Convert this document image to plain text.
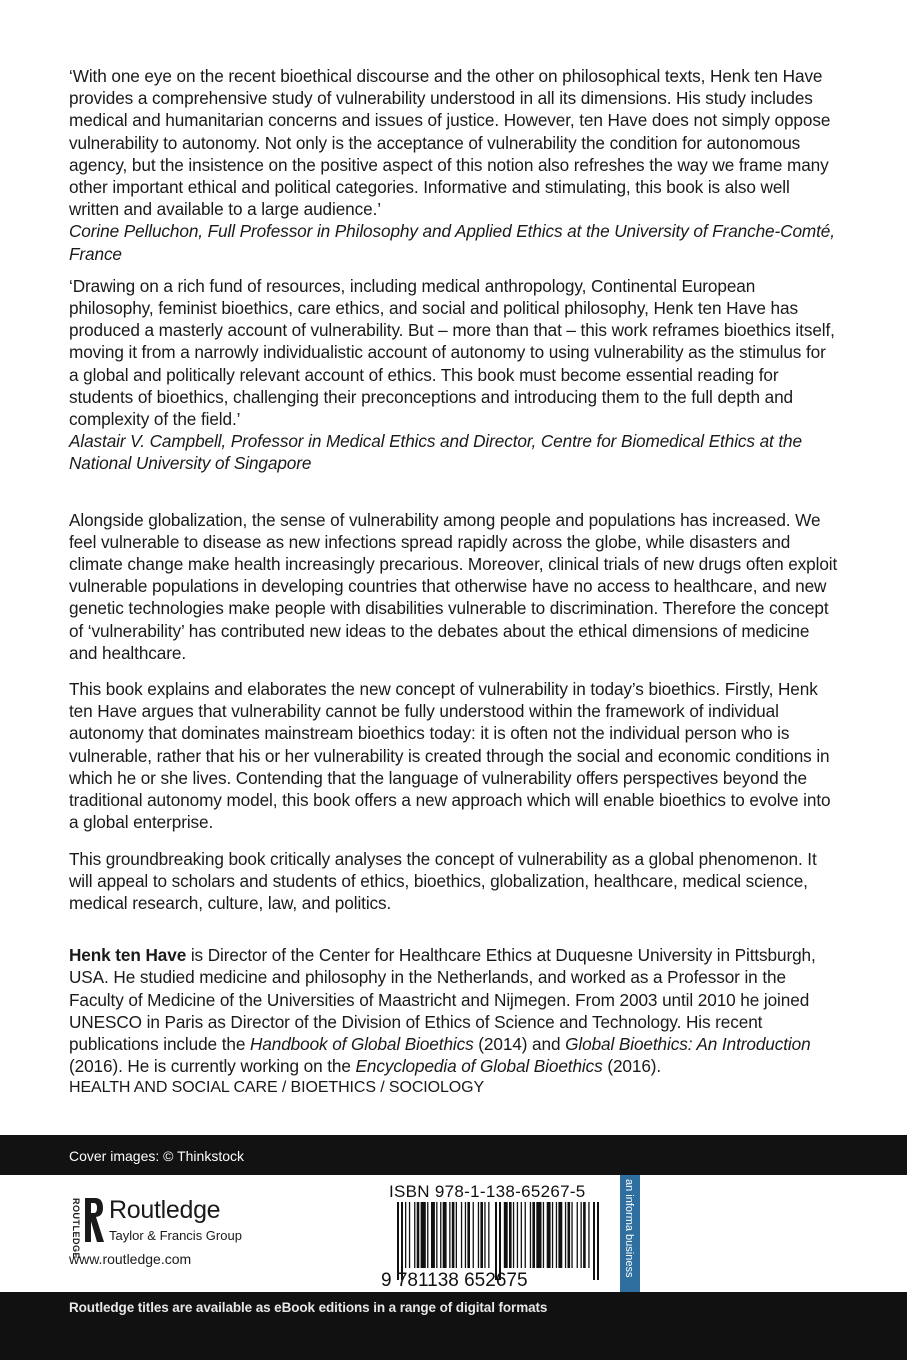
‘With one eye on the recent bioethical discourse and the other on philosophical texts, Henk ten Have provides a comprehensive study of vulnerability understood in all its dimensions. His study includes medical and humanitarian concerns and issues of justice. However, ten Have does not simply oppose vulnerability to autonomy. Not only is the acceptance of vulnerability the condition for autonomous agency, but the insistence on the positive aspect of this notion also refreshes the way we frame many other important ethical and political categories. Informative and stimulating, this book is also well written and available to a large audience.’

Corine Pelluchon, Full Professor in Philosophy and Applied Ethics at the University of Franche-Comté, France

‘Drawing on a rich fund of resources, including medical anthropology, Continental European philosophy, feminist bioethics, care ethics, and social and political philosophy, Henk ten Have has produced a masterly account of vulnerability. But – more than that – this work reframes bioethics itself, moving it from a narrowly individualistic account of autonomy to using vulnerability as the stimulus for a global and politically relevant account of ethics. This book must become essential reading for students of bioethics, challenging their preconceptions and introducing them to the full depth and complexity of the field.’

Alastair V. Campbell, Professor in Medical Ethics and Director, Centre for Biomedical Ethics at the National University of Singapore

Alongside globalization, the sense of vulnerability among people and populations has increased. We feel vulnerable to disease as new infections spread rapidly across the globe, while disasters and climate change make health increasingly precarious. Moreover, clinical trials of new drugs often exploit vulnerable populations in developing countries that otherwise have no access to healthcare, and new genetic technologies make people with disabilities vulnerable to discrimination. Therefore the concept of ‘vulnerability’ has contributed new ideas to the debates about the ethical dimensions of medicine and healthcare.

This book explains and elaborates the new concept of vulnerability in today’s bioethics. Firstly, Henk ten Have argues that vulnerability cannot be fully understood within the framework of individual autonomy that dominates mainstream bioethics today: it is often not the individual person who is vulnerable, rather that his or her vulnerability is created through the social and economic conditions in which he or she lives. Contending that the language of vulnerability offers perspectives beyond the traditional autonomy model, this book offers a new approach which will enable bioethics to evolve into a global enterprise.

This groundbreaking book critically analyses the concept of vulnerability as a global phenomenon. It will appeal to scholars and students of ethics, bioethics, globalization, healthcare, medical science, medical research, culture, law, and politics.

Henk ten Have is Director of the Center for Healthcare Ethics at Duquesne University in Pittsburgh, USA. He studied medicine and philosophy in the Netherlands, and worked as a Professor in the Faculty of Medicine of the Universities of Maastricht and Nijmegen. From 2003 until 2010 he joined UNESCO in Paris as Director of the Division of Ethics of Science and Technology. His recent publications include the Handbook of Global Bioethics (2014) and Global Bioethics: An Introduction (2016). He is currently working on the Encyclopedia of Global Bioethics (2016).

HEALTH AND SOCIAL CARE / BIOETHICS / SOCIOLOGY

Cover images: © Thinkstock
ROUTLEDGE Routledge
Taylor & Francis Group
www.routledge.com
ISBN 978-1-138-65267-5
9 781138 652675
an informa business
Routledge titles are available as eBook editions in a range of digital formats
